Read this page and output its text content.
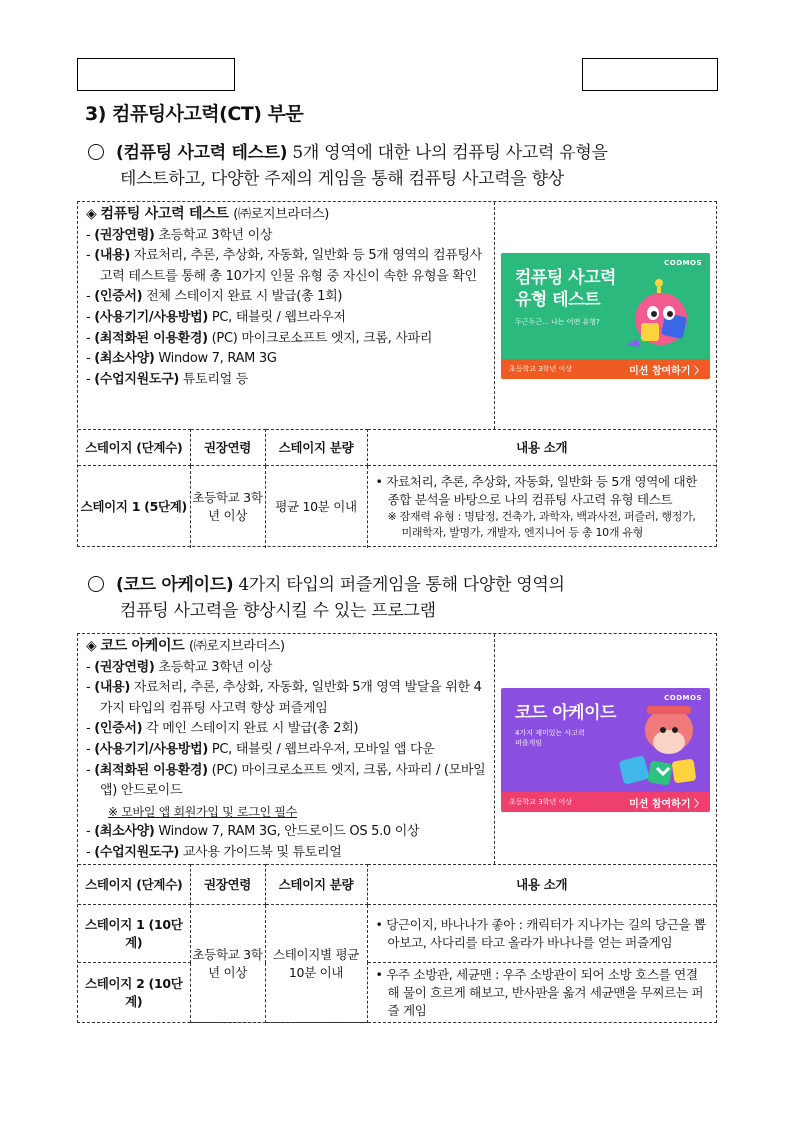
3) 컴퓨팅사고력(CT) 부문

(컴퓨팅 사고력 테스트) 5개 영역에 대한 나의 컴퓨팅 사고력 유형을
테스트하고, 다양한 주제의 게임을 통해 컴퓨팅 사고력을 향상

◈ 컴퓨팅 사고력 테스트 (㈜로지브라더스)
- (권장연령) 초등학교 3학년 이상
- (내용) 자료처리, 추론, 추상화, 자동화, 일반화 등 5개 영역의 컴퓨팅사고력 테스트를 통해 총 10가지 인물 유형 중 자신이 속한 유형을 확인
- (인증서) 전체 스테이지 완료 시 발급(총 1회)
- (사용기기/사용방법) PC, 태블릿 / 웹브라우저
- (최적화된 이용환경) (PC) 마이크로소프트 엣지, 크롬, 사파리
- (최소사양) Window 7, RAM 3G
- (수업지원도구) 튜토리얼 등
CODMOS
컴퓨팅 사고력 유형 테스트
두근두근... 나는 어떤 유형?
초등학교 3학년 이상	미션 참여하기 〉
스테이지 (단계수)	권장연령	스테이지 분량	내용 소개
스테이지 1 (5단계)	초등학교 3학년 이상	평균 10분 이내	• 자료처리, 추론, 추상화, 자동화, 일반화 등 5개 영역에 대한 종합 분석을 바탕으로 나의 컴퓨팅 사고력 유형 테스트
※ 잠재력 유형 : 명탐정, 건축가, 과학자, 백과사전, 퍼즐러, 행정가, 미래학자, 발명가, 개발자, 엔지니어 등 총 10개 유형

(코드 아케이드) 4가지 타입의 퍼즐게임을 통해 다양한 영역의
컴퓨팅 사고력을 향상시킬 수 있는 프로그램

◈ 코드 아케이드 (㈜로지브라더스)
- (권장연령) 초등학교 3학년 이상
- (내용) 자료처리, 추론, 추상화, 자동화, 일반화 5개 영역 발달을 위한 4가지 타입의 컴퓨팅 사고력 향상 퍼즐게임
- (인증서) 각 메인 스테이지 완료 시 발급(총 2회)
- (사용기기/사용방법) PC, 태블릿 / 웹브라우저, 모바일 앱 다운
- (최적화된 이용환경) (PC) 마이크로소프트 엣지, 크롬, 사파리 / (모바일앱) 안드로이드
※ 모바일 앱 회원가입 및 로그인 필수
- (최소사양) Window 7, RAM 3G, 안드로이드 OS 5.0 이상
- (수업지원도구) 교사용 가이드북 및 튜토리얼
CODMOS
코드 아케이드
4가지 재미있는 사고력 퍼즐게임
초등학교 3학년 이상	미션 참여하기 〉
스테이지 (단계수)	권장연령	스테이지 분량	내용 소개
스테이지 1 (10단계)	초등학교 3학년 이상	스테이지별 평균 10분 이내	• 당근이지, 바나나가 좋아 : 캐릭터가 지나가는 길의 당근을 뽑아보고, 사다리를 타고 올라가 바나나를 얻는 퍼즐게임

스테이지 2 (10단계)			• 우주 소방관, 세균맨 : 우주 소방관이 되어 소방 호스를 연결해 물이 흐르게 해보고, 반사판을 옮겨 세균맨을 무찌르는 퍼즐 게임
